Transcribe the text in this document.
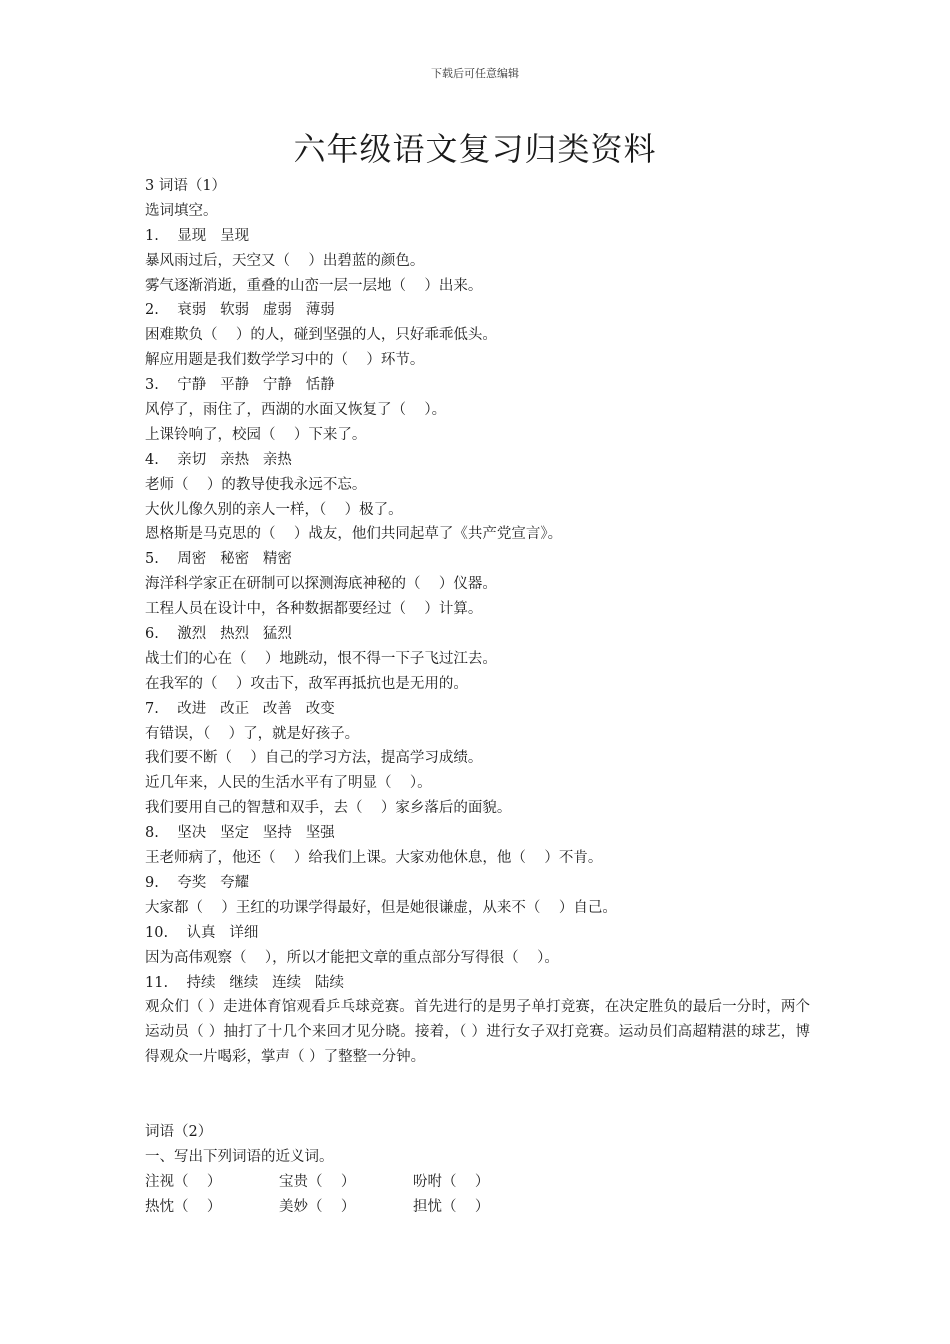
下载后可任意编辑
六年级语文复习归类资料
3 词语（1）
选词填空。
1.    显现   呈现
暴风雨过后，天空又（    ）出碧蓝的颜色。
雾气逐渐消逝，重叠的山峦一层一层地（    ）出来。
2.    衰弱   软弱   虚弱   薄弱
困难欺负（    ）的人，碰到坚强的人，只好乖乖低头。
解应用题是我们数学学习中的（    ）环节。
3.    宁静   平静   宁静   恬静
风停了，雨住了，西湖的水面又恢复了（    ）。
上课铃响了，校园（    ）下来了。
4.    亲切   亲热   亲热
老师（    ）的教导使我永远不忘。
大伙儿像久别的亲人一样，（    ）极了。
恩格斯是马克思的（    ）战友，他们共同起草了《共产党宣言》。
5.    周密   秘密   精密
海洋科学家正在研制可以探测海底神秘的（    ）仪器。
工程人员在设计中，各种数据都要经过（    ）计算。
6.    激烈   热烈   猛烈
战士们的心在（    ）地跳动，恨不得一下子飞过江去。
在我军的（    ）攻击下，敌军再抵抗也是无用的。
7.    改进   改正   改善   改变
有错误，（    ）了，就是好孩子。
我们要不断（    ）自己的学习方法，提高学习成绩。
近几年来，人民的生活水平有了明显（    ）。
我们要用自己的智慧和双手，去（    ）家乡落后的面貌。
8.    坚决   坚定   坚持   坚强
王老师病了，他还（    ）给我们上课。大家劝他休息，他（    ）不肯。
9.    夸奖   夸耀
大家都（    ）王红的功课学得最好，但是她很谦虚，从来不（    ）自己。
10.    认真   详细
因为高伟观察（    ），所以才能把文章的重点部分写得很（    ）。
11.    持续   继续   连续   陆续
观众们（ ）走进体育馆观看乒乓球竞赛。首先进行的是男子单打竞赛，在决定胜负的最后一分时，两个运动员（ ）抽打了十几个来回才见分晓。接着，（ ）进行女子双打竞赛。运动员们高超精湛的球艺，博得观众一片喝彩，掌声（ ）了整整一分钟。
词语（2）
一、写出下列词语的近义词。
注视（    ）	宝贵（    ）	吩咐（    ）
热忱（    ）	美妙（    ）	担忧（    ）
